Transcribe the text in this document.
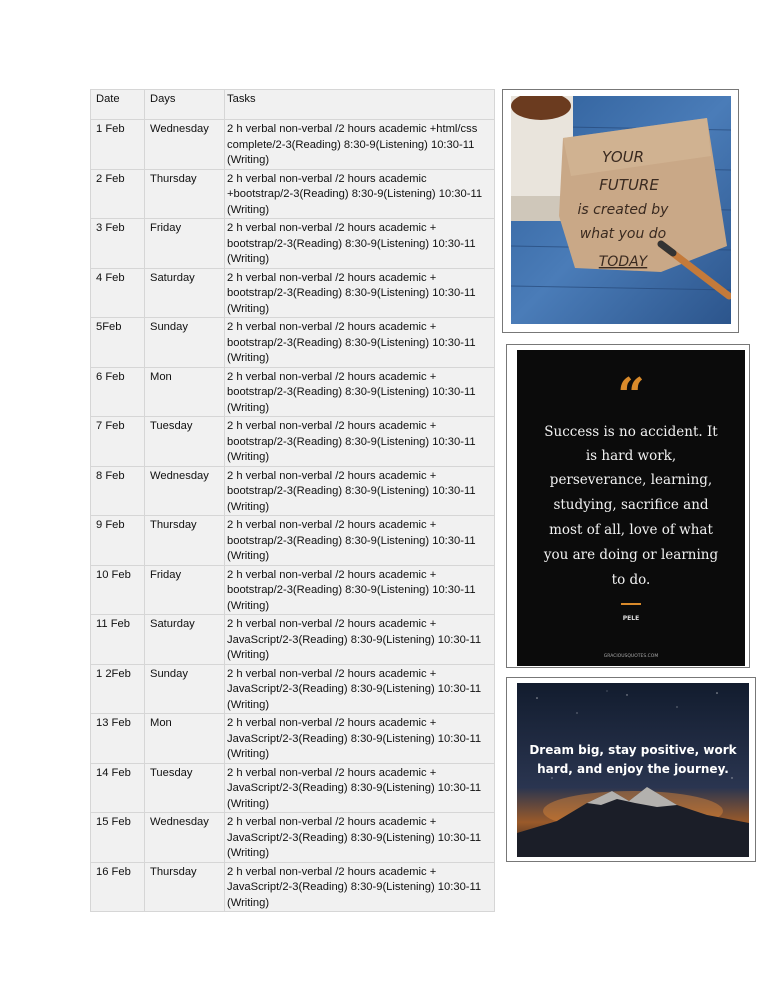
Date	Days	Tasks
1 Feb	Wednesday	2 h verbal non-verbal /2 hours academic +html/css complete/2-3(Reading) 8:30-9(Listening) 10:30-11 (Writing)
2 Feb	Thursday	2 h verbal non-verbal /2 hours academic +bootstrap/2-3(Reading) 8:30-9(Listening) 10:30-11 (Writing)
3 Feb	Friday	2 h verbal non-verbal /2 hours academic + bootstrap/2-3(Reading) 8:30-9(Listening) 10:30-11 (Writing)
4 Feb	Saturday	2 h verbal non-verbal /2 hours academic + bootstrap/2-3(Reading) 8:30-9(Listening) 10:30-11 (Writing)
5Feb	Sunday	2 h verbal non-verbal /2 hours academic + bootstrap/2-3(Reading) 8:30-9(Listening) 10:30-11 (Writing)
6 Feb	Mon	2 h verbal non-verbal /2 hours academic + bootstrap/2-3(Reading) 8:30-9(Listening) 10:30-11 (Writing)
7 Feb	Tuesday	2 h verbal non-verbal /2 hours academic + bootstrap/2-3(Reading) 8:30-9(Listening) 10:30-11 (Writing)
8 Feb	Wednesday	2 h verbal non-verbal /2 hours academic + bootstrap/2-3(Reading) 8:30-9(Listening) 10:30-11 (Writing)
9 Feb	Thursday	2 h verbal non-verbal /2 hours academic + bootstrap/2-3(Reading) 8:30-9(Listening) 10:30-11 (Writing)
10 Feb	Friday	2 h verbal non-verbal /2 hours academic + bootstrap/2-3(Reading) 8:30-9(Listening) 10:30-11 (Writing)
11 Feb	Saturday	2 h verbal non-verbal /2 hours academic + JavaScript/2-3(Reading) 8:30-9(Listening) 10:30-11 (Writing)
1 2Feb	Sunday	2 h verbal non-verbal /2 hours academic + JavaScript/2-3(Reading) 8:30-9(Listening) 10:30-11 (Writing)
13 Feb	Mon	2 h verbal non-verbal /2 hours academic + JavaScript/2-3(Reading) 8:30-9(Listening) 10:30-11 (Writing)
14 Feb	Tuesday	2 h verbal non-verbal /2 hours academic + JavaScript/2-3(Reading) 8:30-9(Listening) 10:30-11 (Writing)
15 Feb	Wednesday	2 h verbal non-verbal /2 hours academic + JavaScript/2-3(Reading) 8:30-9(Listening) 10:30-11 (Writing)
16 Feb	Thursday	2 h verbal non-verbal /2 hours academic + JavaScript/2-3(Reading) 8:30-9(Listening) 10:30-11 (Writing)
YOUR
FUTURE
is created by
what you do
TODAY
“
Success is no accident. It
is hard work,
perseverance, learning,
studying, sacrifice and
most of all, love of what
you are doing or learning
to do.
PELE
GRACIOUSQUOTES.COM
Dream big, stay positive, work
hard, and enjoy the journey.
